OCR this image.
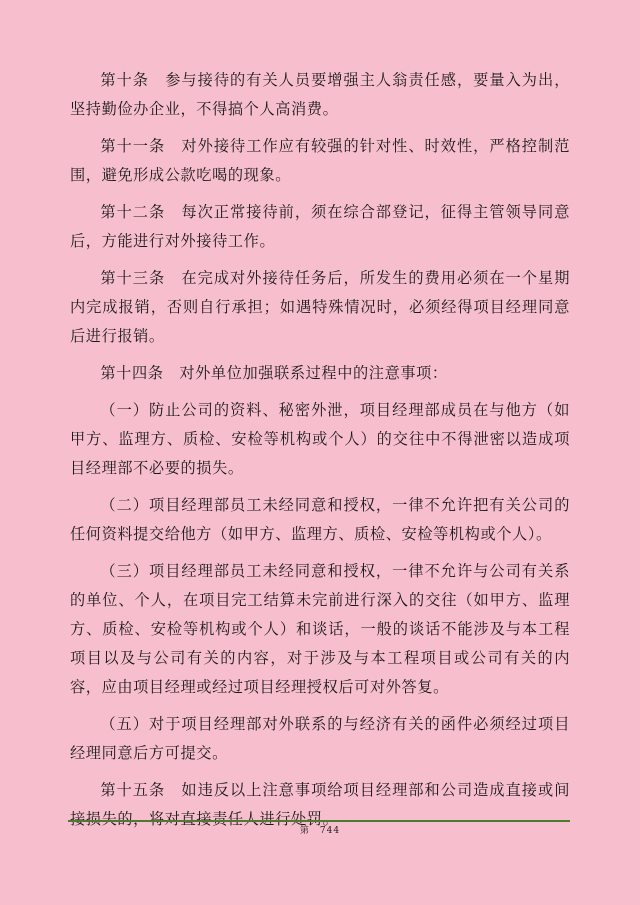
第十条　参与接待的有关人员要增强主人翁责任感，要量入为出，坚持勤俭办企业，不得搞个人高消费。

第十一条　对外接待工作应有较强的针对性、时效性，严格控制范围，避免形成公款吃喝的现象。

第十二条　每次正常接待前，须在综合部登记，征得主管领导同意后，方能进行对外接待工作。

第十三条　在完成对外接待任务后，所发生的费用必须在一个星期内完成报销，否则自行承担；如遇特殊情况时，必须经得项目经理同意后进行报销。

第十四条　对外单位加强联系过程中的注意事项：

（一）防止公司的资料、秘密外泄，项目经理部成员在与他方（如甲方、监理方、质检、安检等机构或个人）的交往中不得泄密以造成项目经理部不必要的损失。

（二）项目经理部员工未经同意和授权，一律不允许把有关公司的任何资料提交给他方（如甲方、监理方、质检、安检等机构或个人）。

（三）项目经理部员工未经同意和授权，一律不允许与公司有关系的单位、个人，在项目完工结算未完前进行深入的交往（如甲方、监理方、质检、安检等机构或个人）和谈话，一般的谈话不能涉及与本工程项目以及与公司有关的内容，对于涉及与本工程项目或公司有关的内容，应由项目经理或经过项目经理授权后可对外答复。

（五）对于项目经理部对外联系的与经济有关的函件必须经过项目经理同意后方可提交。

第十五条　如违反以上注意事项给项目经理部和公司造成直接或间接损失的，将对直接责任人进行处罚。

第　744
